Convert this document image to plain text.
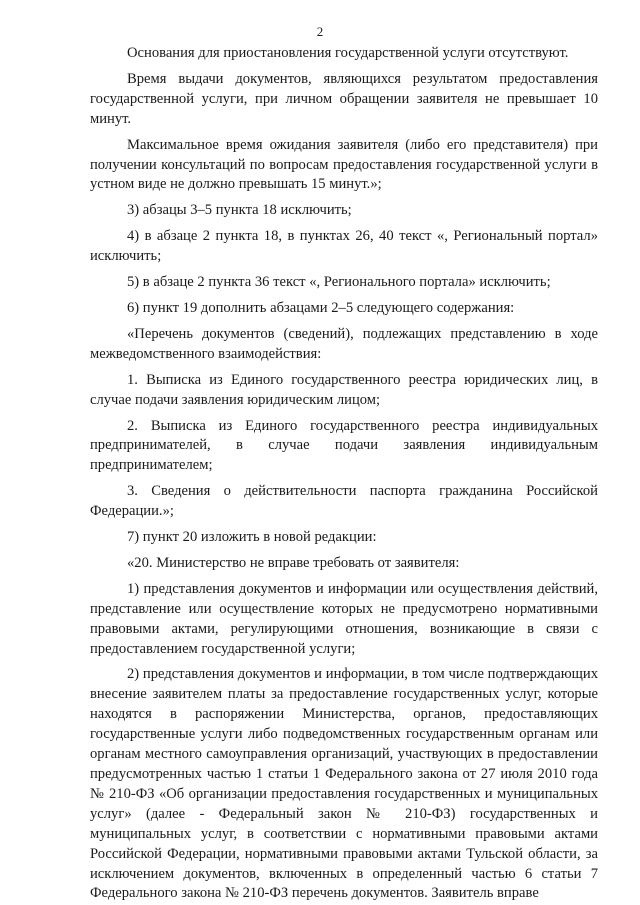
2

Основания для приостановления государственной услуги отсутствуют.

Время выдачи документов, являющихся результатом предоставления государственной услуги, при личном обращении заявителя не превышает 10 минут.

Максимальное время ожидания заявителя (либо его представителя) при получении консультаций по вопросам предоставления государственной услуги в устном виде не должно превышать 15 минут.»;

3) абзацы 3–5 пункта 18 исключить;

4) в абзаце 2 пункта 18, в пунктах 26, 40 текст «, Региональный портал» исключить;

5) в абзаце 2 пункта 36 текст «, Регионального портала» исключить;

6) пункт 19 дополнить абзацами 2–5 следующего содержания:

«Перечень документов (сведений), подлежащих представлению в ходе межведомственного взаимодействия:

1. Выписка из Единого государственного реестра юридических лиц, в случае подачи заявления юридическим лицом;

2. Выписка из Единого государственного реестра индивидуальных предпринимателей, в случае подачи заявления индивидуальным предпринимателем;

3. Сведения о действительности паспорта гражданина Российской Федерации.»;

7) пункт 20 изложить в новой редакции:

«20. Министерство не вправе требовать от заявителя:

1) представления документов и информации или осуществления действий, представление или осуществление которых не предусмотрено нормативными правовыми актами, регулирующими отношения, возникающие в связи с предоставлением государственной услуги;

2) представления документов и информации, в том числе подтверждающих внесение заявителем платы за предоставление государственных услуг, которые находятся в распоряжении Министерства, органов, предоставляющих государственные услуги либо подведомственных государственным органам или органам местного самоуправления организаций, участвующих в предоставлении предусмотренных частью 1 статьи 1 Федерального закона от 27 июля 2010 года № 210-ФЗ «Об организации предоставления государственных и муниципальных услуг» (далее - Федеральный закон № 210-ФЗ) государственных и муниципальных услуг, в соответствии с нормативными правовыми актами Российской Федерации, нормативными правовыми актами Тульской области, за исключением документов, включенных в определенный частью 6 статьи 7 Федерального закона № 210-ФЗ перечень документов. Заявитель вправе
